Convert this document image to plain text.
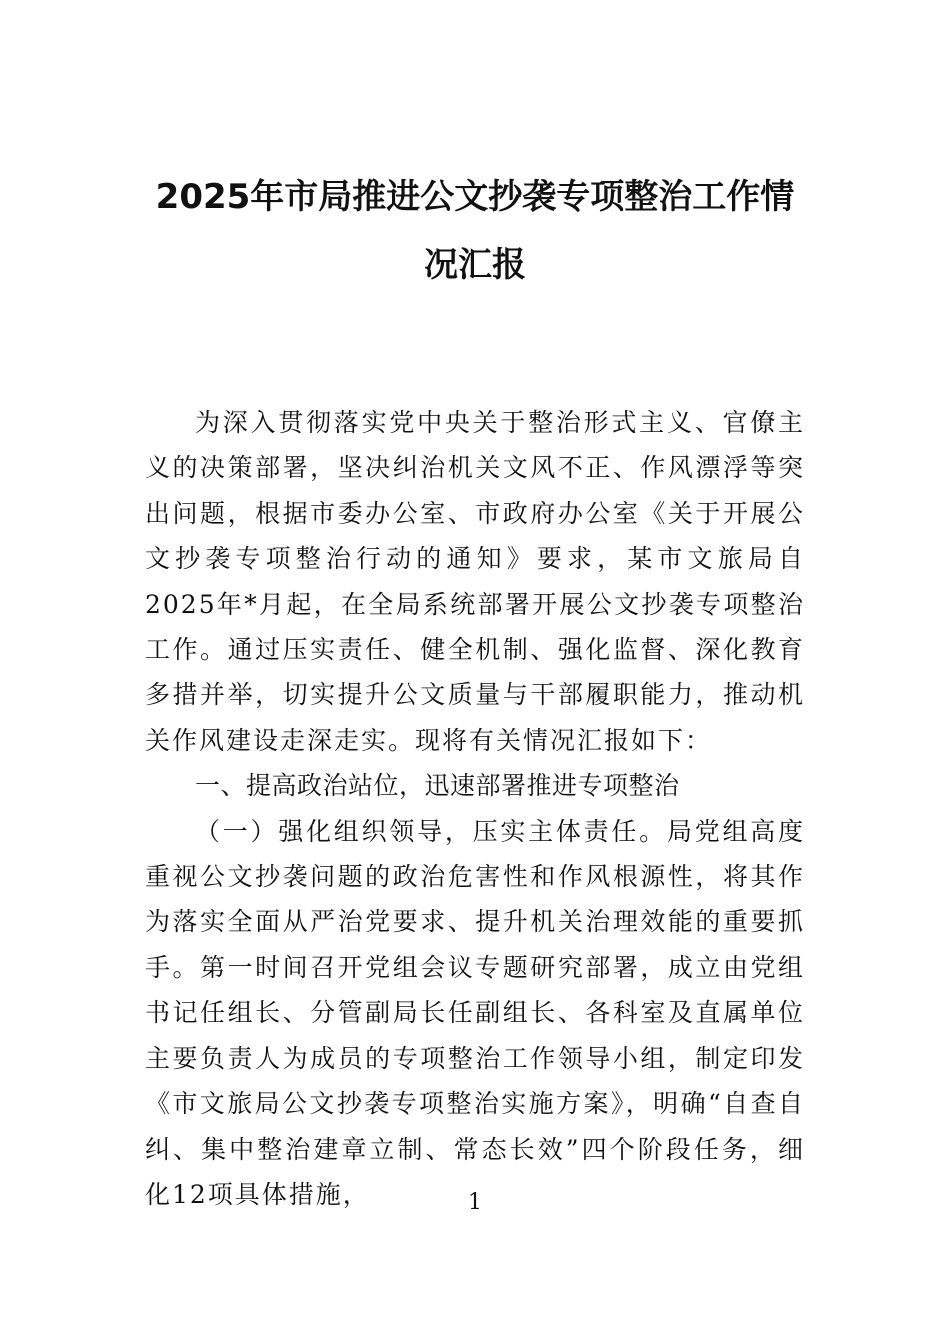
2025年市局推进公文抄袭专项整治工作情
况汇报

为深入贯彻落实党中央关于整治形式主义、官僚主义的决策部署，坚决纠治机关文风不正、作风漂浮等突出问题，根据市委办公室、市政府办公室《关于开展公文抄袭专项整治行动的通知》要求，某市文旅局自2025年*月起，在全局系统部署开展公文抄袭专项整治工作。通过压实责任、健全机制、强化监督、深化教育多措并举，切实提升公文质量与干部履职能力，推动机关作风建设走深走实。现将有关情况汇报如下：

一、提高政治站位，迅速部署推进专项整治

（一）强化组织领导，压实主体责任。局党组高度重视公文抄袭问题的政治危害性和作风根源性，将其作为落实全面从严治党要求、提升机关治理效能的重要抓手。第一时间召开党组会议专题研究部署，成立由党组书记任组长、分管副局长任副组长、各科室及直属单位主要负责人为成员的专项整治工作领导小组，制定印发《市文旅局公文抄袭专项整治实施方案》，明确“自查自纠、集中整治建章立制、常态长效”四个阶段任务，细化12项具体措施，	1
